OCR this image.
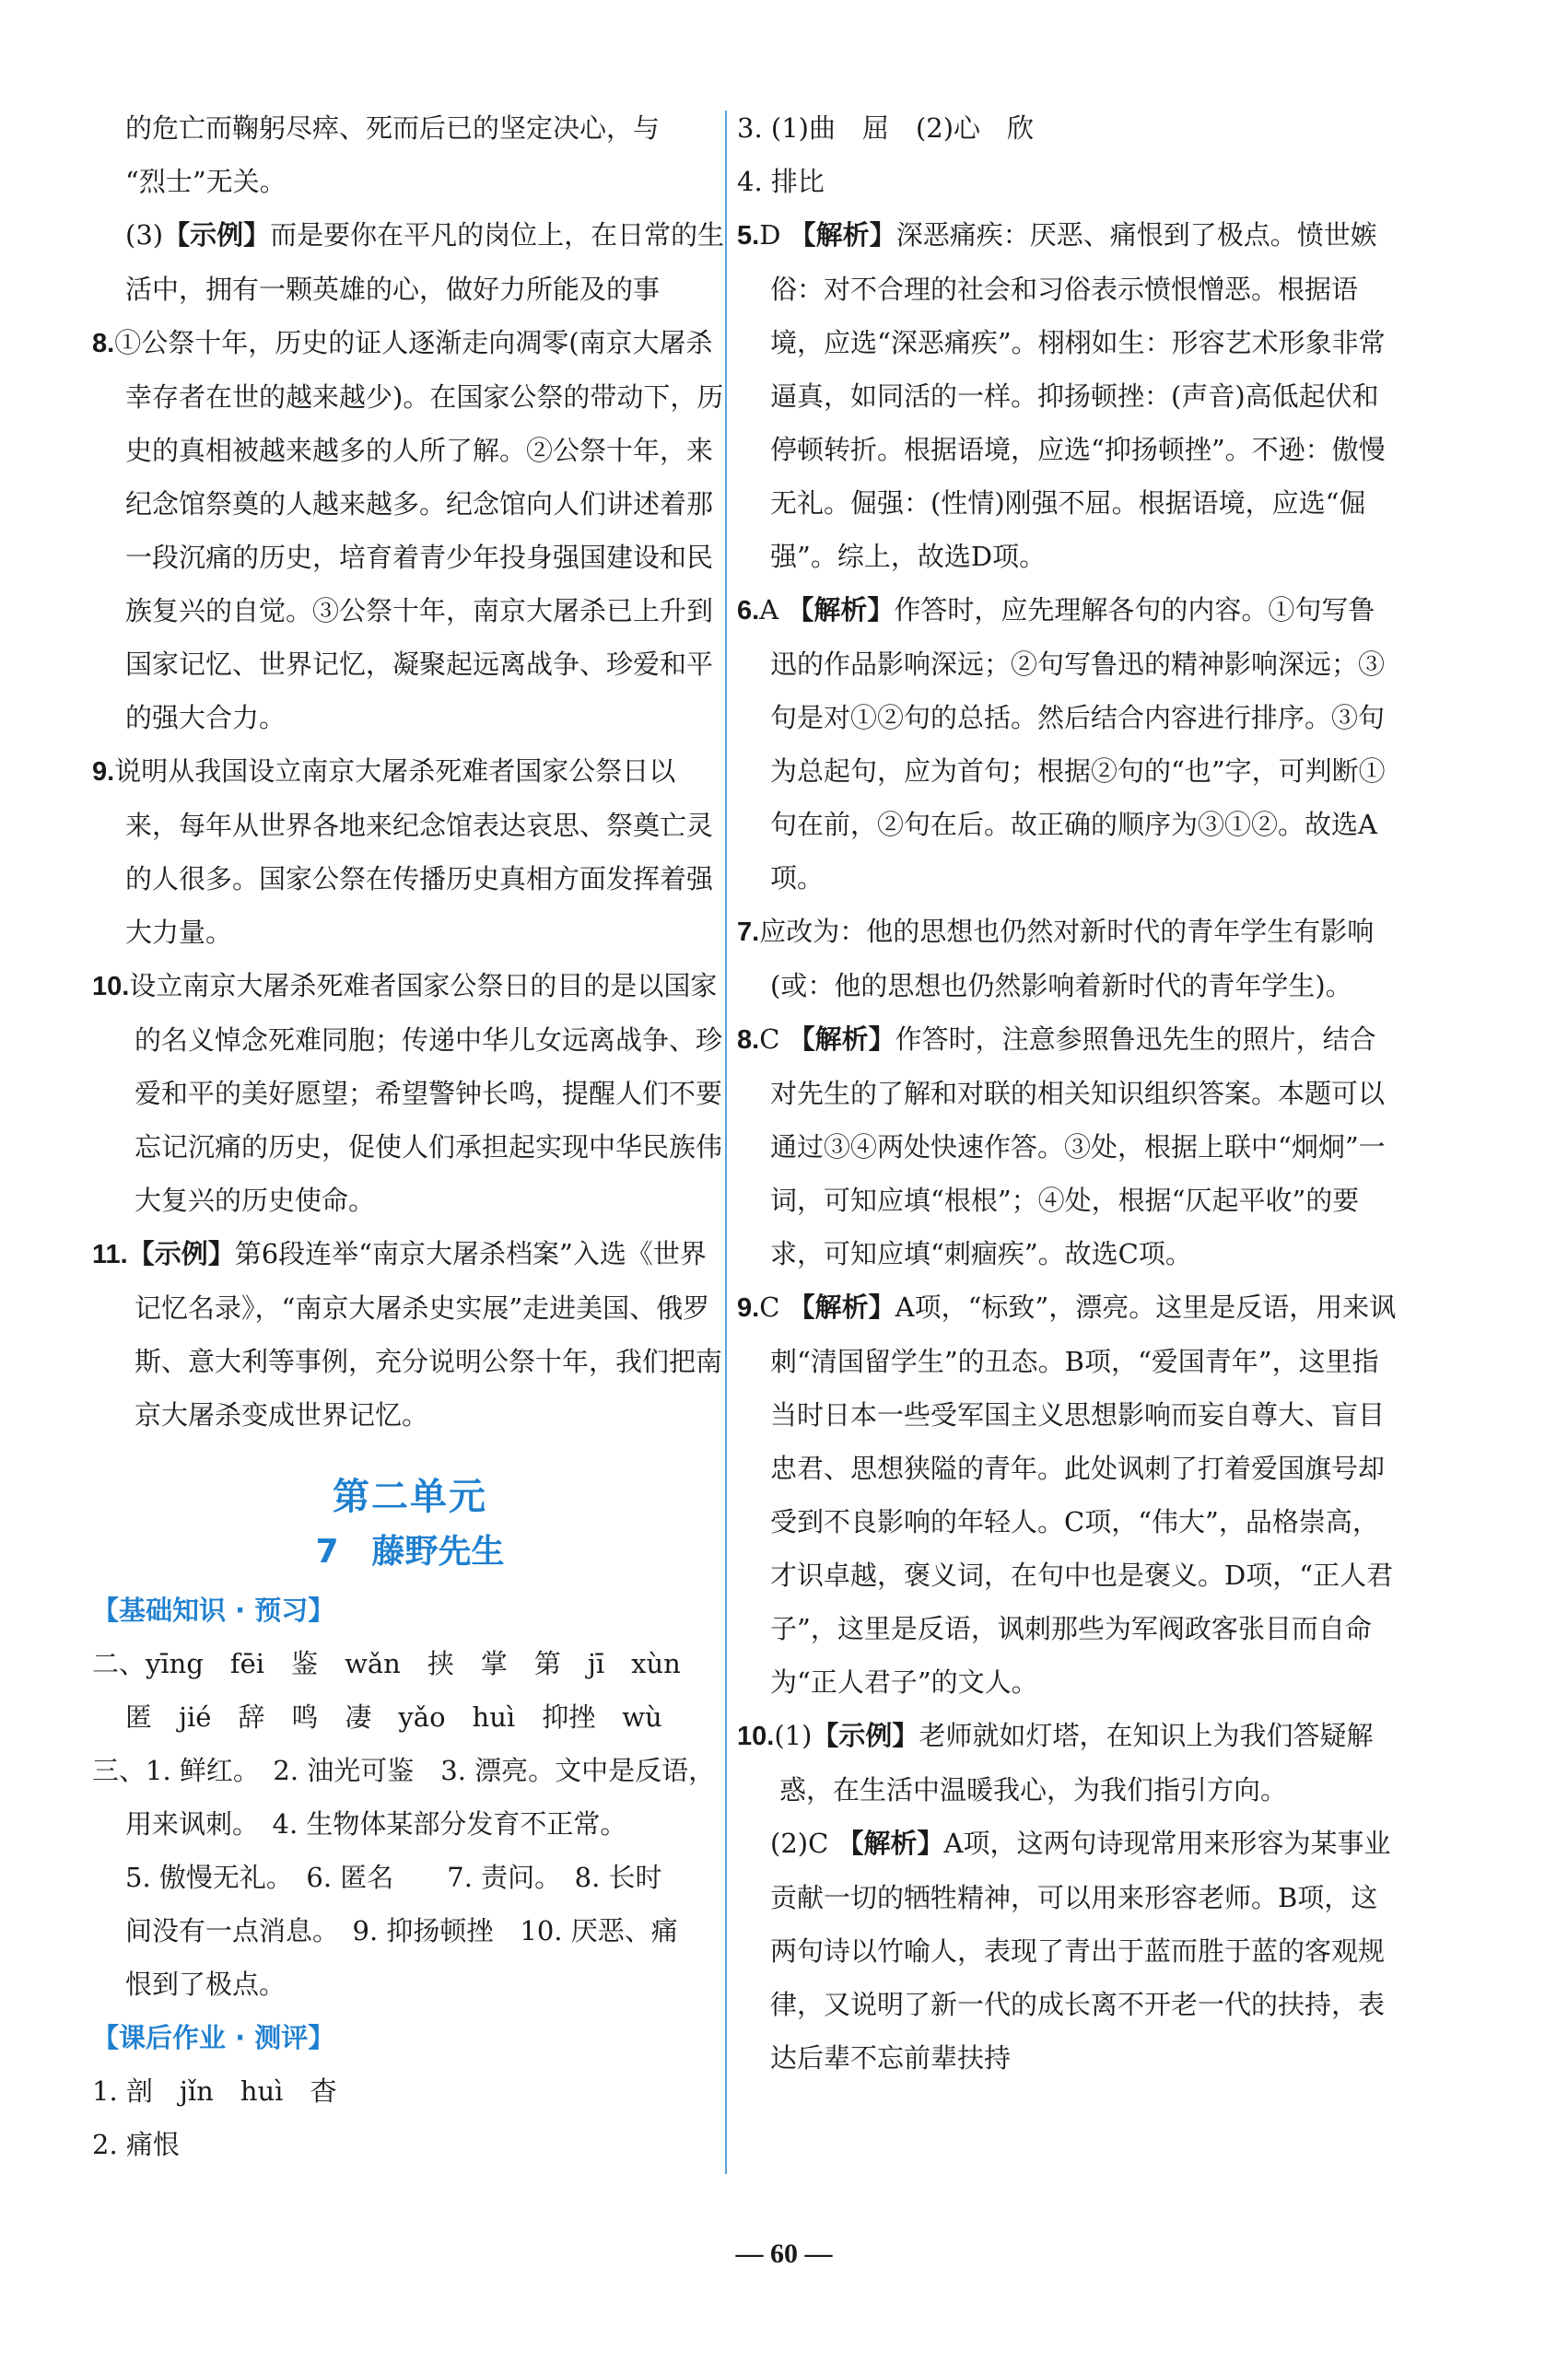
的危亡而鞠躬尽瘁、死而后已的坚定决心，与

“烈士”无关。

(3)【示例】而是要你在平凡的岗位上，在日常的生活中，拥有一颗英雄的心，做好力所能及的事

8.①公祭十年，历史的证人逐渐走向凋零(南京大屠杀幸存者在世的越来越少)。在国家公祭的带动下，历史的真相被越来越多的人所了解。②公祭十年，来纪念馆祭奠的人越来越多。纪念馆向人们讲述着那一段沉痛的历史，培育着青少年投身强国建设和民族复兴的自觉。③公祭十年，南京大屠杀已上升到国家记忆、世界记忆，凝聚起远离战争、珍爱和平的强大合力。

9.说明从我国设立南京大屠杀死难者国家公祭日以来，每年从世界各地来纪念馆表达哀思、祭奠亡灵的人很多。国家公祭在传播历史真相方面发挥着强大力量。

10.设立南京大屠杀死难者国家公祭日的目的是以国家的名义悼念死难同胞；传递中华儿女远离战争、珍爱和平的美好愿望；希望警钟长鸣，提醒人们不要忘记沉痛的历史，促使人们承担起实现中华民族伟大复兴的历史使命。

11.【示例】第6段连举“南京大屠杀档案”入选《世界记忆名录》，“南京大屠杀史实展”走进美国、俄罗斯、意大利等事例，充分说明公祭十年，我们把南京大屠杀变成世界记忆。

第二单元
7　藤野先生

【基础知识 · 预习】

二、yīng　fēi　鉴　wǎn　挟　掌　第　jī　xùn

匿　jié　辞　鸣　凄　yǎo　huì　抑挫　wù

三、1. 鲜红。　2. 油光可鉴　3. 漂亮。文中是反语，

用来讽刺。　4. 生物体某部分发育不正常。

5. 傲慢无礼。　6. 匿名　　7. 责问。　8. 长时

间没有一点消息。　9. 抑扬顿挫　10. 厌恶、痛

恨到了极点。

【课后作业 · 测评】

1. 剖　jǐn　huì　杳

2. 痛恨

3. (1)曲　屈　(2)心　欣

4. 排比

5.D 【解析】深恶痛疾：厌恶、痛恨到了极点。愤世嫉俗：对不合理的社会和习俗表示愤恨憎恶。根据语境，应选“深恶痛疾”。栩栩如生：形容艺术形象非常逼真，如同活的一样。抑扬顿挫：(声音)高低起伏和停顿转折。根据语境，应选“抑扬顿挫”。不逊：傲慢无礼。倔强：(性情)刚强不屈。根据语境，应选“倔强”。综上，故选D项。

6.A 【解析】作答时，应先理解各句的内容。①句写鲁迅的作品影响深远；②句写鲁迅的精神影响深远；③句是对①②句的总括。然后结合内容进行排序。③句为总起句，应为首句；根据②句的“也”字，可判断①句在前，②句在后。故正确的顺序为③①②。故选A项。

7.应改为：他的思想也仍然对新时代的青年学生有影响(或：他的思想也仍然影响着新时代的青年学生)。

8.C 【解析】作答时，注意参照鲁迅先生的照片，结合对先生的了解和对联的相关知识组织答案。本题可以通过③④两处快速作答。③处，根据上联中“炯炯”一词，可知应填“根根”；④处，根据“仄起平收”的要求，可知应填“刺痼疾”。故选C项。

9.C 【解析】A项，“标致”，漂亮。这里是反语，用来讽刺“清国留学生”的丑态。B项，“爱国青年”，这里指当时日本一些受军国主义思想影响而妄自尊大、盲目忠君、思想狭隘的青年。此处讽刺了打着爱国旗号却受到不良影响的年轻人。C项，“伟大”，品格崇高，才识卓越，褒义词，在句中也是褒义。D项，“正人君子”，这里是反语，讽刺那些为军阀政客张目而自命为“正人君子”的文人。

10.(1)【示例】老师就如灯塔，在知识上为我们答疑解惑，在生活中温暖我心，为我们指引方向。

(2)C 【解析】A项，这两句诗现常用来形容为某事业贡献一切的牺牲精神，可以用来形容老师。B项，这两句诗以竹喻人，表现了青出于蓝而胜于蓝的客观规律，又说明了新一代的成长离不开老一代的扶持，表达后辈不忘前辈扶持

— 60 —
